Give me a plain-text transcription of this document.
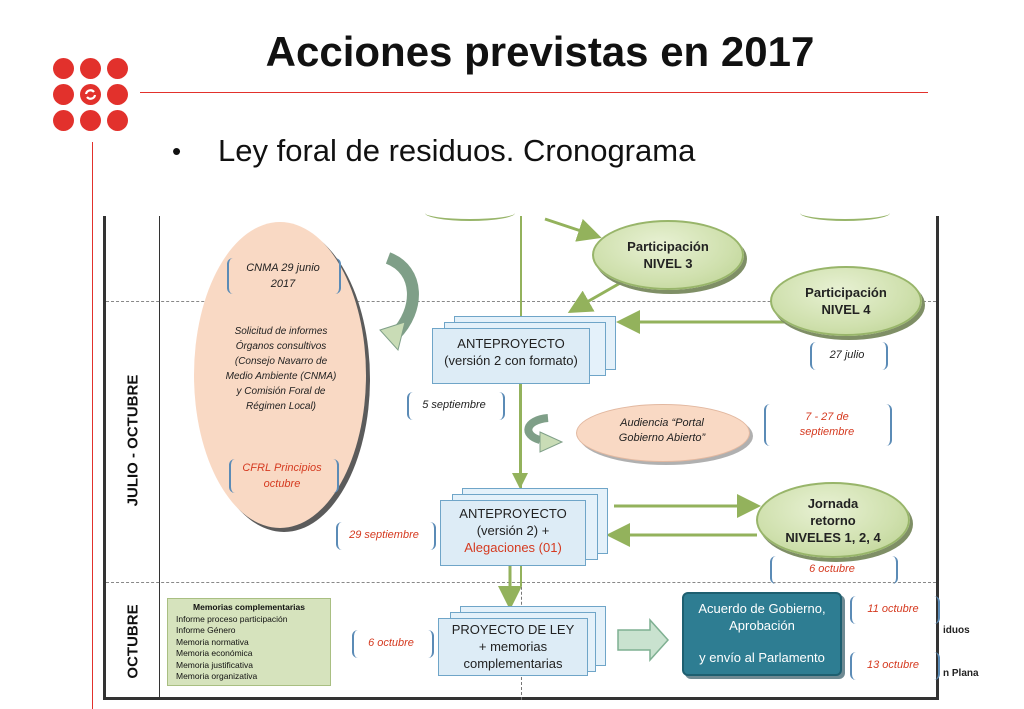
Acciones previstas en 2017
• Ley foral de residuos. Cronograma
JULIO - OCTUBRE
OCTUBRE
CNMA 29 junio 2017
Solicitud de informes Órganos consultivos (Consejo Navarro de Medio Ambiente (CNMA) y Comisión Foral de Régimen Local)
CFRL Principios octubre
Participación
NIVEL 3
Participación
NIVEL 4
27 julio
ANTEPROYECTO
(versión 2 con formato)
5 septiembre
Audiencia “Portal Gobierno Abierto”
7 - 27 de septiembre
ANTEPROYECTO
(versión 2) +
Alegaciones (01)
29 septiembre
Jornada
retorno
NIVELES 1, 2, 4
6 octubre
Memorias complementarias
Informe proceso participación
Informe Género
Memoria normativa
Memoria económica
Memoria justificativa
Memoria organizativa
PROYECTO DE LEY
+ memorias
complementarias
6 octubre
Acuerdo de Gobierno,
Aprobación
y envío al Parlamento
11 octubre
13 octubre
iduos
n Plana
